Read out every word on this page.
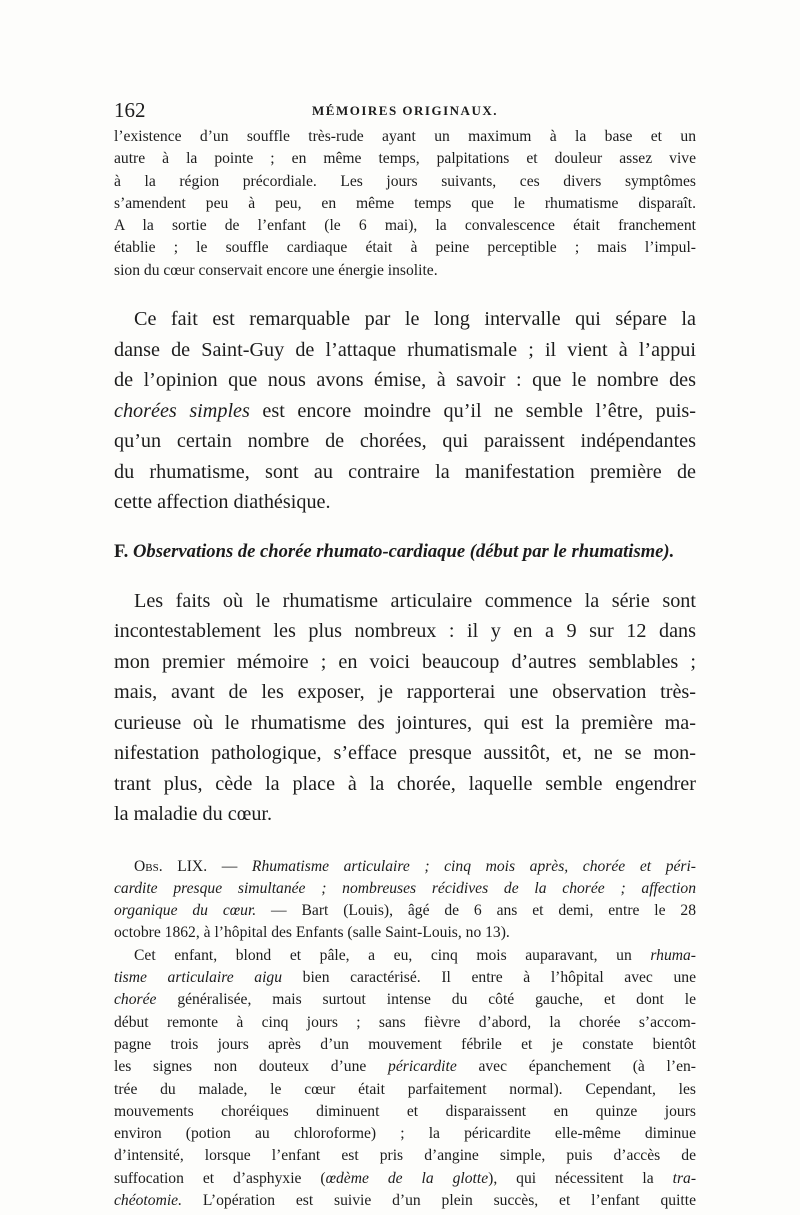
162	MÉMOIRES ORIGINAUX.
l’existence d’un souffle très-rude ayant un maximum à la base et un
autre à la pointe ; en même temps, palpitations et douleur assez vive
à la région précordiale. Les jours suivants, ces divers symptômes
s’amendent peu à peu, en même temps que le rhumatisme disparaît.
A la sortie de l’enfant (le 6 mai), la convalescence était franchement
établie ; le souffle cardiaque était à peine perceptible ; mais l’impul-
sion du cœur conservait encore une énergie insolite.
Ce fait est remarquable par le long intervalle qui sépare la
danse de Saint-Guy de l’attaque rhumatismale ; il vient à l’appui
de l’opinion que nous avons émise, à savoir : que le nombre des
chorées simples est encore moindre qu’il ne semble l’être, puis-
qu’un certain nombre de chorées, qui paraissent indépendantes
du rhumatisme, sont au contraire la manifestation première de
cette affection diathésique.
F. Observations de chorée rhumato-cardiaque (début par le rhumatisme).
Les faits où le rhumatisme articulaire commence la série sont
incontestablement les plus nombreux : il y en a 9 sur 12 dans
mon premier mémoire ; en voici beaucoup d’autres semblables ;
mais, avant de les exposer, je rapporterai une observation très-
curieuse où le rhumatisme des jointures, qui est la première ma-
nifestation pathologique, s’efface presque aussitôt, et, ne se mon-
trant plus, cède la place à la chorée, laquelle semble engendrer
la maladie du cœur.
Obs. LIX. — Rhumatisme articulaire ; cinq mois après, chorée et péri-
cardite presque simultanée ; nombreuses récidives de la chorée ; affection
organique du cœur. — Bart (Louis), âgé de 6 ans et demi, entre le 28
octobre 1862, à l’hôpital des Enfants (salle Saint-Louis, no 13).
Cet enfant, blond et pâle, a eu, cinq mois auparavant, un rhuma-
tisme articulaire aigu bien caractérisé. Il entre à l’hôpital avec une
chorée généralisée, mais surtout intense du côté gauche, et dont le
début remonte à cinq jours ; sans fièvre d’abord, la chorée s’accom-
pagne trois jours après d’un mouvement fébrile et je constate bientôt
les signes non douteux d’une péricardite avec épanchement (à l’en-
trée du malade, le cœur était parfaitement normal). Cependant, les
mouvements choréiques diminuent et disparaissent en quinze jours
environ (potion au chloroforme) ; la péricardite elle-même diminue
d’intensité, lorsque l’enfant est pris d’angine simple, puis d’accès de
suffocation et d’asphyxie (œdème de la glotte), qui nécessitent la tra-
chéotomie. L’opération est suivie d’un plein succès, et l’enfant quitte
